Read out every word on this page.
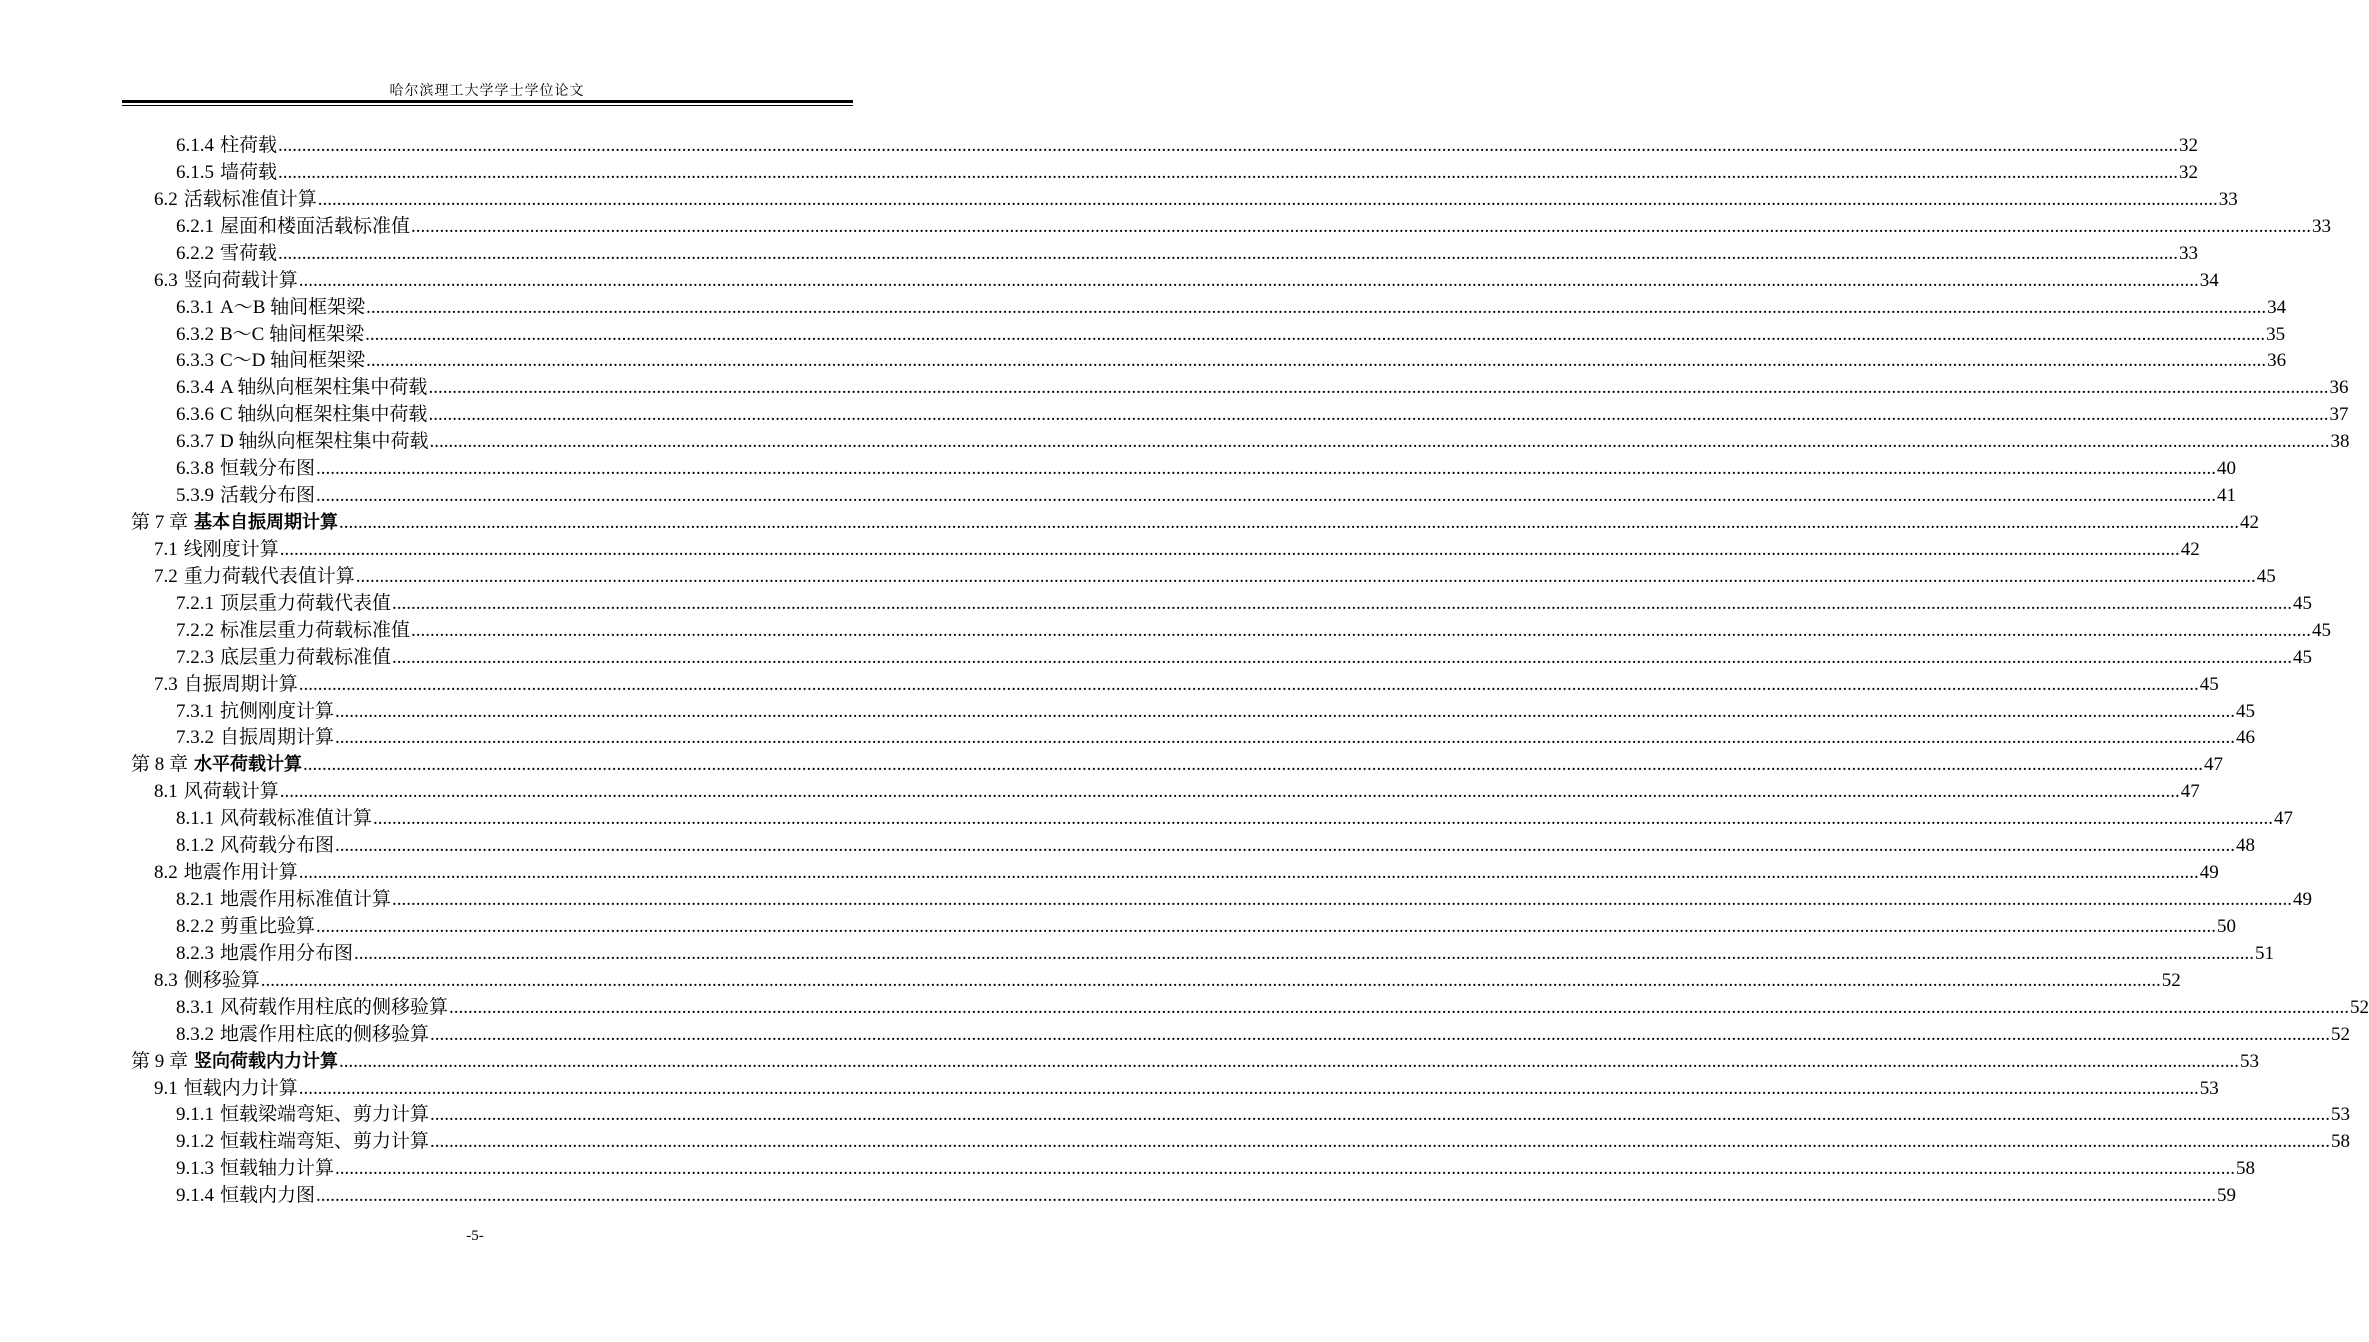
哈尔滨理工大学学士学位论文
6.1.4 柱荷载 ................................................................................................................................................................................................................................................................................................................................................................................................................ 32
6.1.5 墙荷载 ................................................................................................................................................................................................................................................................................................................................................................................................................ 32
6.2 活载标准值计算 ................................................................................................................................................................................................................................................................................................................................................................................................................ 33
6.2.1 屋面和楼面活载标准值 ................................................................................................................................................................................................................................................................................................................................................................................................................ 33
6.2.2 雪荷载 ................................................................................................................................................................................................................................................................................................................................................................................................................ 33
6.3 竖向荷载计算 ................................................................................................................................................................................................................................................................................................................................................................................................................ 34
6.3.1 A～B 轴间框架梁 ................................................................................................................................................................................................................................................................................................................................................................................................................ 34
6.3.2 B～C 轴间框架梁 ................................................................................................................................................................................................................................................................................................................................................................................................................ 35
6.3.3 C～D 轴间框架梁 ................................................................................................................................................................................................................................................................................................................................................................................................................ 36
6.3.4 A 轴纵向框架柱集中荷载 ................................................................................................................................................................................................................................................................................................................................................................................................................ 36
6.3.6 C 轴纵向框架柱集中荷载 ................................................................................................................................................................................................................................................................................................................................................................................................................ 37
6.3.7 D 轴纵向框架柱集中荷载 ................................................................................................................................................................................................................................................................................................................................................................................................................ 38
6.3.8 恒载分布图 ................................................................................................................................................................................................................................................................................................................................................................................................................ 40
5.3.9 活载分布图 ................................................................................................................................................................................................................................................................................................................................................................................................................ 41
第 7 章 基本自振周期计算 ................................................................................................................................................................................................................................................................................................................................................................................................................ 42
7.1 线刚度计算 ................................................................................................................................................................................................................................................................................................................................................................................................................ 42
7.2 重力荷载代表值计算 ................................................................................................................................................................................................................................................................................................................................................................................................................ 45
7.2.1 顶层重力荷载代表值 ................................................................................................................................................................................................................................................................................................................................................................................................................ 45
7.2.2 标准层重力荷载标准值 ................................................................................................................................................................................................................................................................................................................................................................................................................ 45
7.2.3 底层重力荷载标准值 ................................................................................................................................................................................................................................................................................................................................................................................................................ 45
7.3 自振周期计算 ................................................................................................................................................................................................................................................................................................................................................................................................................ 45
7.3.1 抗侧刚度计算 ................................................................................................................................................................................................................................................................................................................................................................................................................ 45
7.3.2 自振周期计算 ................................................................................................................................................................................................................................................................................................................................................................................................................ 46
第 8 章 水平荷载计算 ................................................................................................................................................................................................................................................................................................................................................................................................................ 47
8.1 风荷载计算 ................................................................................................................................................................................................................................................................................................................................................................................................................ 47
8.1.1 风荷载标准值计算 ................................................................................................................................................................................................................................................................................................................................................................................................................ 47
8.1.2 风荷载分布图 ................................................................................................................................................................................................................................................................................................................................................................................................................ 48
8.2 地震作用计算 ................................................................................................................................................................................................................................................................................................................................................................................................................ 49
8.2.1 地震作用标准值计算 ................................................................................................................................................................................................................................................................................................................................................................................................................ 49
8.2.2 剪重比验算 ................................................................................................................................................................................................................................................................................................................................................................................................................ 50
8.2.3 地震作用分布图 ................................................................................................................................................................................................................................................................................................................................................................................................................ 51
8.3 侧移验算 ................................................................................................................................................................................................................................................................................................................................................................................................................ 52
8.3.1 风荷载作用柱底的侧移验算 ................................................................................................................................................................................................................................................................................................................................................................................................................ 52
8.3.2 地震作用柱底的侧移验算 ................................................................................................................................................................................................................................................................................................................................................................................................................ 52
第 9 章 竖向荷载内力计算 ................................................................................................................................................................................................................................................................................................................................................................................................................ 53
9.1 恒载内力计算 ................................................................................................................................................................................................................................................................................................................................................................................................................ 53
9.1.1 恒载梁端弯矩、剪力计算 ................................................................................................................................................................................................................................................................................................................................................................................................................ 53
9.1.2 恒载柱端弯矩、剪力计算 ................................................................................................................................................................................................................................................................................................................................................................................................................ 58
9.1.3 恒载轴力计算 ................................................................................................................................................................................................................................................................................................................................................................................................................ 58
9.1.4 恒载内力图 ................................................................................................................................................................................................................................................................................................................................................................................................................ 59
-5-
